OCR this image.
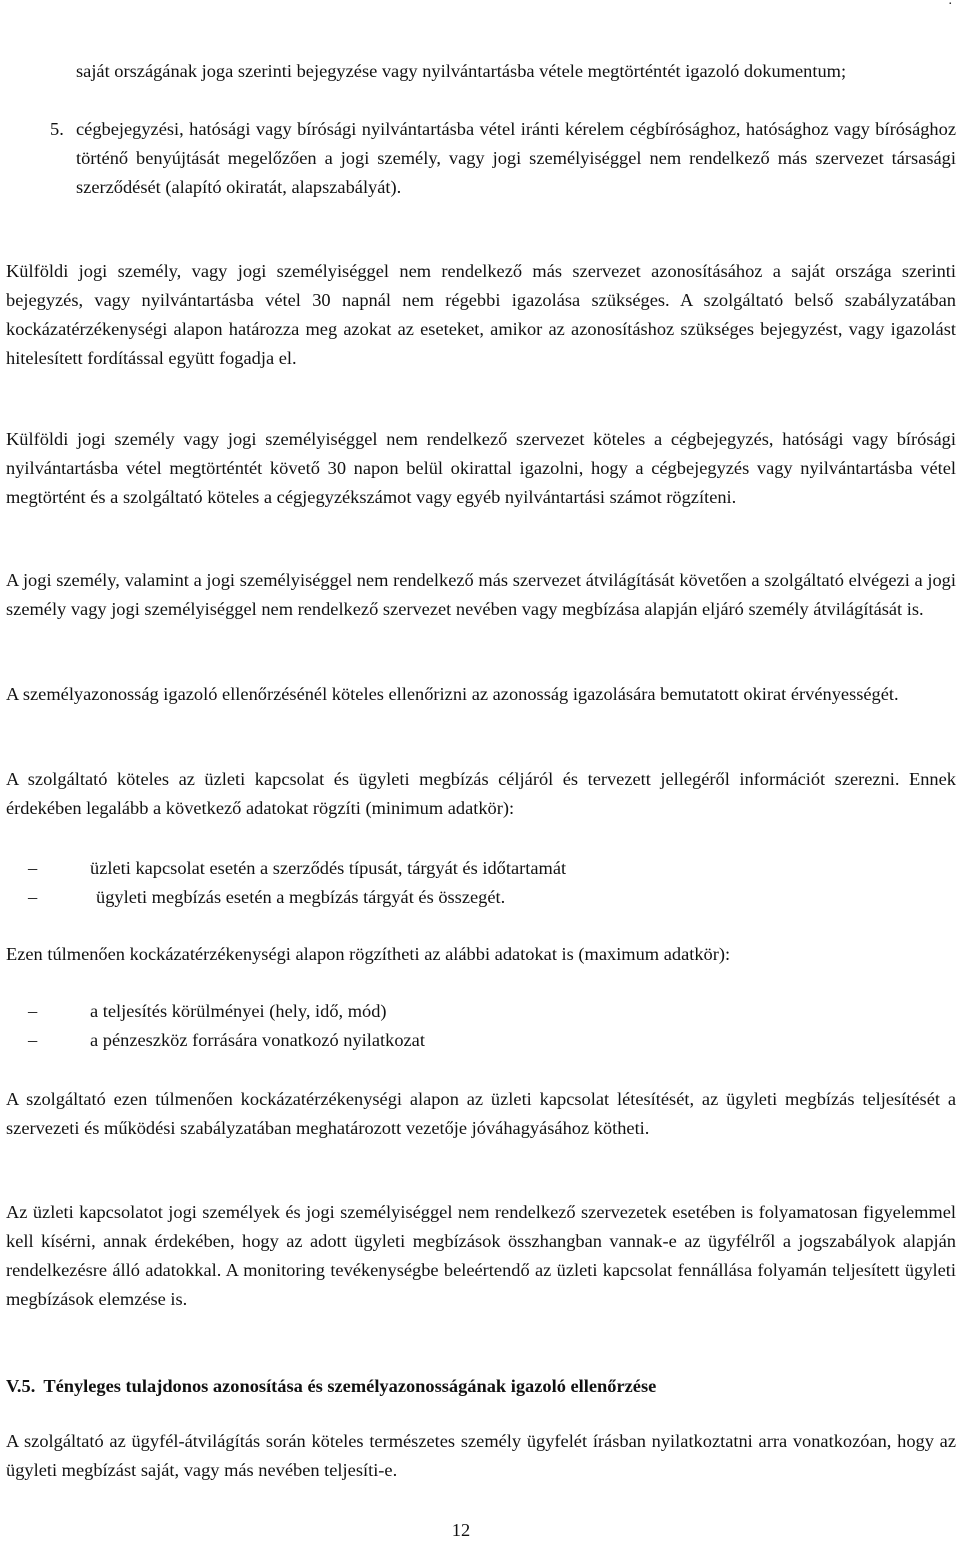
.

saját országának joga szerinti bejegyzése vagy nyilvántartásba vétele megtörténtét igazoló dokumentum;

5. cégbejegyzési, hatósági vagy bírósági nyilvántartásba vétel iránti kérelem cégbírósághoz, hatósághoz vagy bírósághoz történő benyújtását megelőzően a jogi személy, vagy jogi személyiséggel nem rendelkező más szervezet társasági szerződését (alapító okiratát, alapszabályát).

Külföldi jogi személy, vagy jogi személyiséggel nem rendelkező más szervezet azonosításához a saját országa szerinti bejegyzés, vagy nyilvántartásba vétel 30 napnál nem régebbi igazolása szükséges. A szolgáltató belső szabályzatában kockázatérzékenységi alapon határozza meg azokat az eseteket, amikor az azonosításhoz szükséges bejegyzést, vagy igazolást hitelesített fordítással együtt fogadja el.

Külföldi jogi személy vagy jogi személyiséggel nem rendelkező szervezet köteles a cégbejegyzés, hatósági vagy bírósági nyilvántartásba vétel megtörténtét követő 30 napon belül okirattal igazolni, hogy a cégbejegyzés vagy nyilvántartásba vétel megtörtént és a szolgáltató köteles a cégjegyzékszámot vagy egyéb nyilvántartási számot rögzíteni.

A jogi személy, valamint a jogi személyiséggel nem rendelkező más szervezet átvilágítását követően a szolgáltató elvégezi a jogi személy vagy jogi személyiséggel nem rendelkező szervezet nevében vagy megbízása alapján eljáró személy átvilágítását is.

A személyazonosság igazoló ellenőrzésénél köteles ellenőrizni az azonosság igazolására bemutatott okirat érvényességét.

A szolgáltató köteles az üzleti kapcsolat és ügyleti megbízás céljáról és tervezett jellegéről információt szerezni. Ennek érdekében legalább a következő adatokat rögzíti (minimum adatkör):

–	üzleti kapcsolat esetén a szerződés típusát, tárgyát és időtartamát
–	ügyleti megbízás esetén a megbízás tárgyát és összegét.

Ezen túlmenően kockázatérzékenységi alapon rögzítheti az alábbi adatokat is (maximum adatkör):

–	a teljesítés körülményei (hely, idő, mód)
–	a pénzeszköz forrására vonatkozó nyilatkozat

A szolgáltató ezen túlmenően kockázatérzékenységi alapon az üzleti kapcsolat létesítését, az ügyleti megbízás teljesítését a szervezeti és működési szabályzatában meghatározott vezetője jóváhagyásához kötheti.

Az üzleti kapcsolatot jogi személyek és jogi személyiséggel nem rendelkező szervezetek esetében is folyamatosan figyelemmel kell kísérni, annak érdekében, hogy az adott ügyleti megbízások összhangban vannak-e az ügyfélről a jogszabályok alapján rendelkezésre álló adatokkal. A monitoring tevékenységbe beleértendő az üzleti kapcsolat fennállása folyamán teljesített ügyleti megbízások elemzése is.

V.5. Tényleges tulajdonos azonosítása és személyazonosságának igazoló ellenőrzése

A szolgáltató az ügyfél-átvilágítás során köteles természetes személy ügyfelét írásban nyilatkoztatni arra vonatkozóan, hogy az ügyleti megbízást saját, vagy más nevében teljesíti-e.

12
